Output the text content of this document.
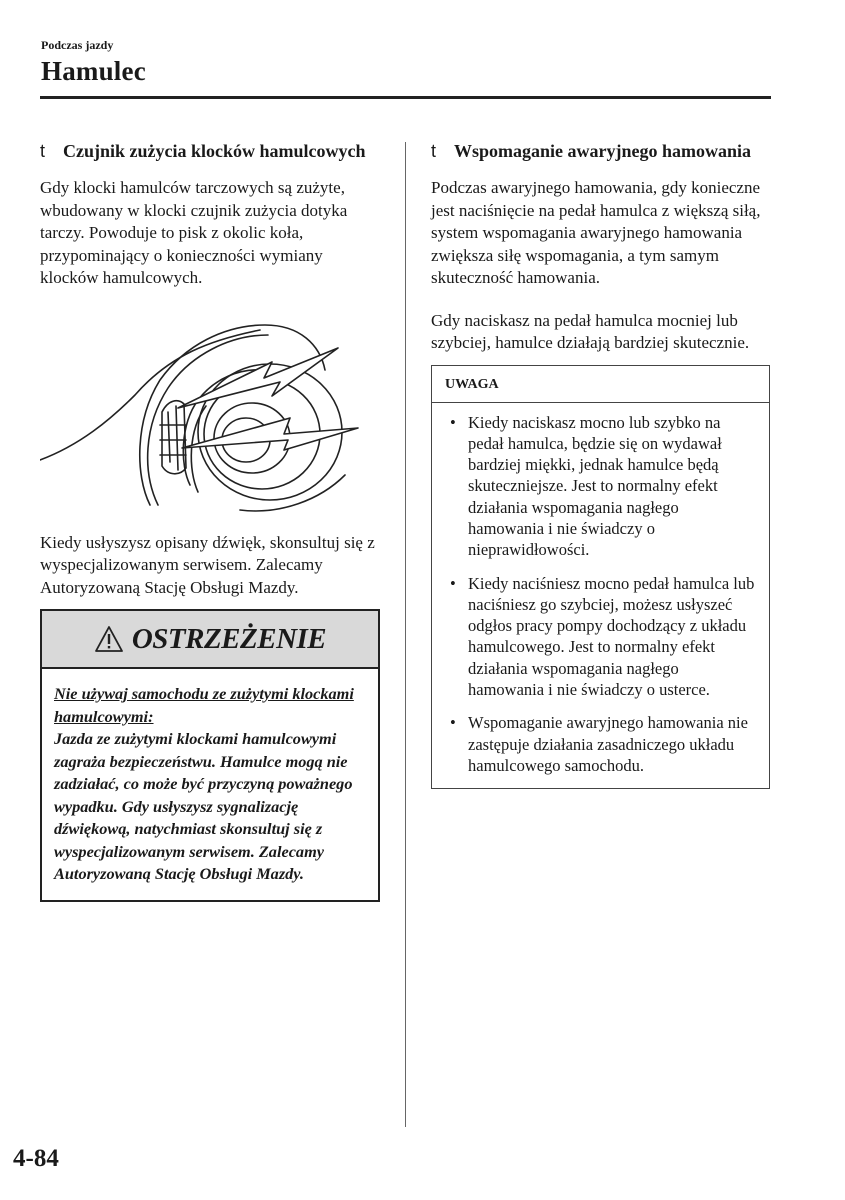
Podczas jazdy
Hamulec
t Czujnik zużycia klocków hamulcowych
Gdy klocki hamulców tarczowych są zużyte, wbudowany w klocki czujnik zużycia dotyka tarczy. Powoduje to pisk z okolic koła, przypominający o konieczności wymiany klocków hamulcowych.
Kiedy usłyszysz opisany dźwięk, skonsultuj się z wyspecjalizowanym serwisem. Zalecamy Autoryzowaną Stację Obsługi Mazdy.
OSTRZEŻENIE
Nie używaj samochodu ze zużytymi klockami hamulcowymi:
Jazda ze zużytymi klockami hamulcowymi zagraża bezpieczeństwu. Hamulce mogą nie zadziałać, co może być przyczyną poważnego wypadku. Gdy usłyszysz sygnalizację dźwiękową, natychmiast skonsultuj się z wyspecjalizowanym serwisem. Zalecamy Autoryzowaną Stację Obsługi Mazdy.
t Wspomaganie awaryjnego hamowania
Podczas awaryjnego hamowania, gdy konieczne jest naciśnięcie na pedał hamulca z większą siłą, system wspomagania awaryjnego hamowania zwiększa siłę wspomagania, a tym samym skuteczność hamowania.
Gdy naciskasz na pedał hamulca mocniej lub szybciej, hamulce działają bardziej skutecznie.
UWAGA
• Kiedy naciskasz mocno lub szybko na pedał hamulca, będzie się on wydawał bardziej miękki, jednak hamulce będą skuteczniejsze. Jest to normalny efekt działania wspomagania nagłego hamowania i nie świadczy o nieprawidłowości.
• Kiedy naciśniesz mocno pedał hamulca lub naciśniesz go szybciej, możesz usłyszeć odgłos pracy pompy dochodzący z układu hamulcowego. Jest to normalny efekt działania wspomagania nagłego hamowania i nie świadczy o usterce.
• Wspomaganie awaryjnego hamowania nie zastępuje działania zasadniczego układu hamulcowego samochodu.
4-84
